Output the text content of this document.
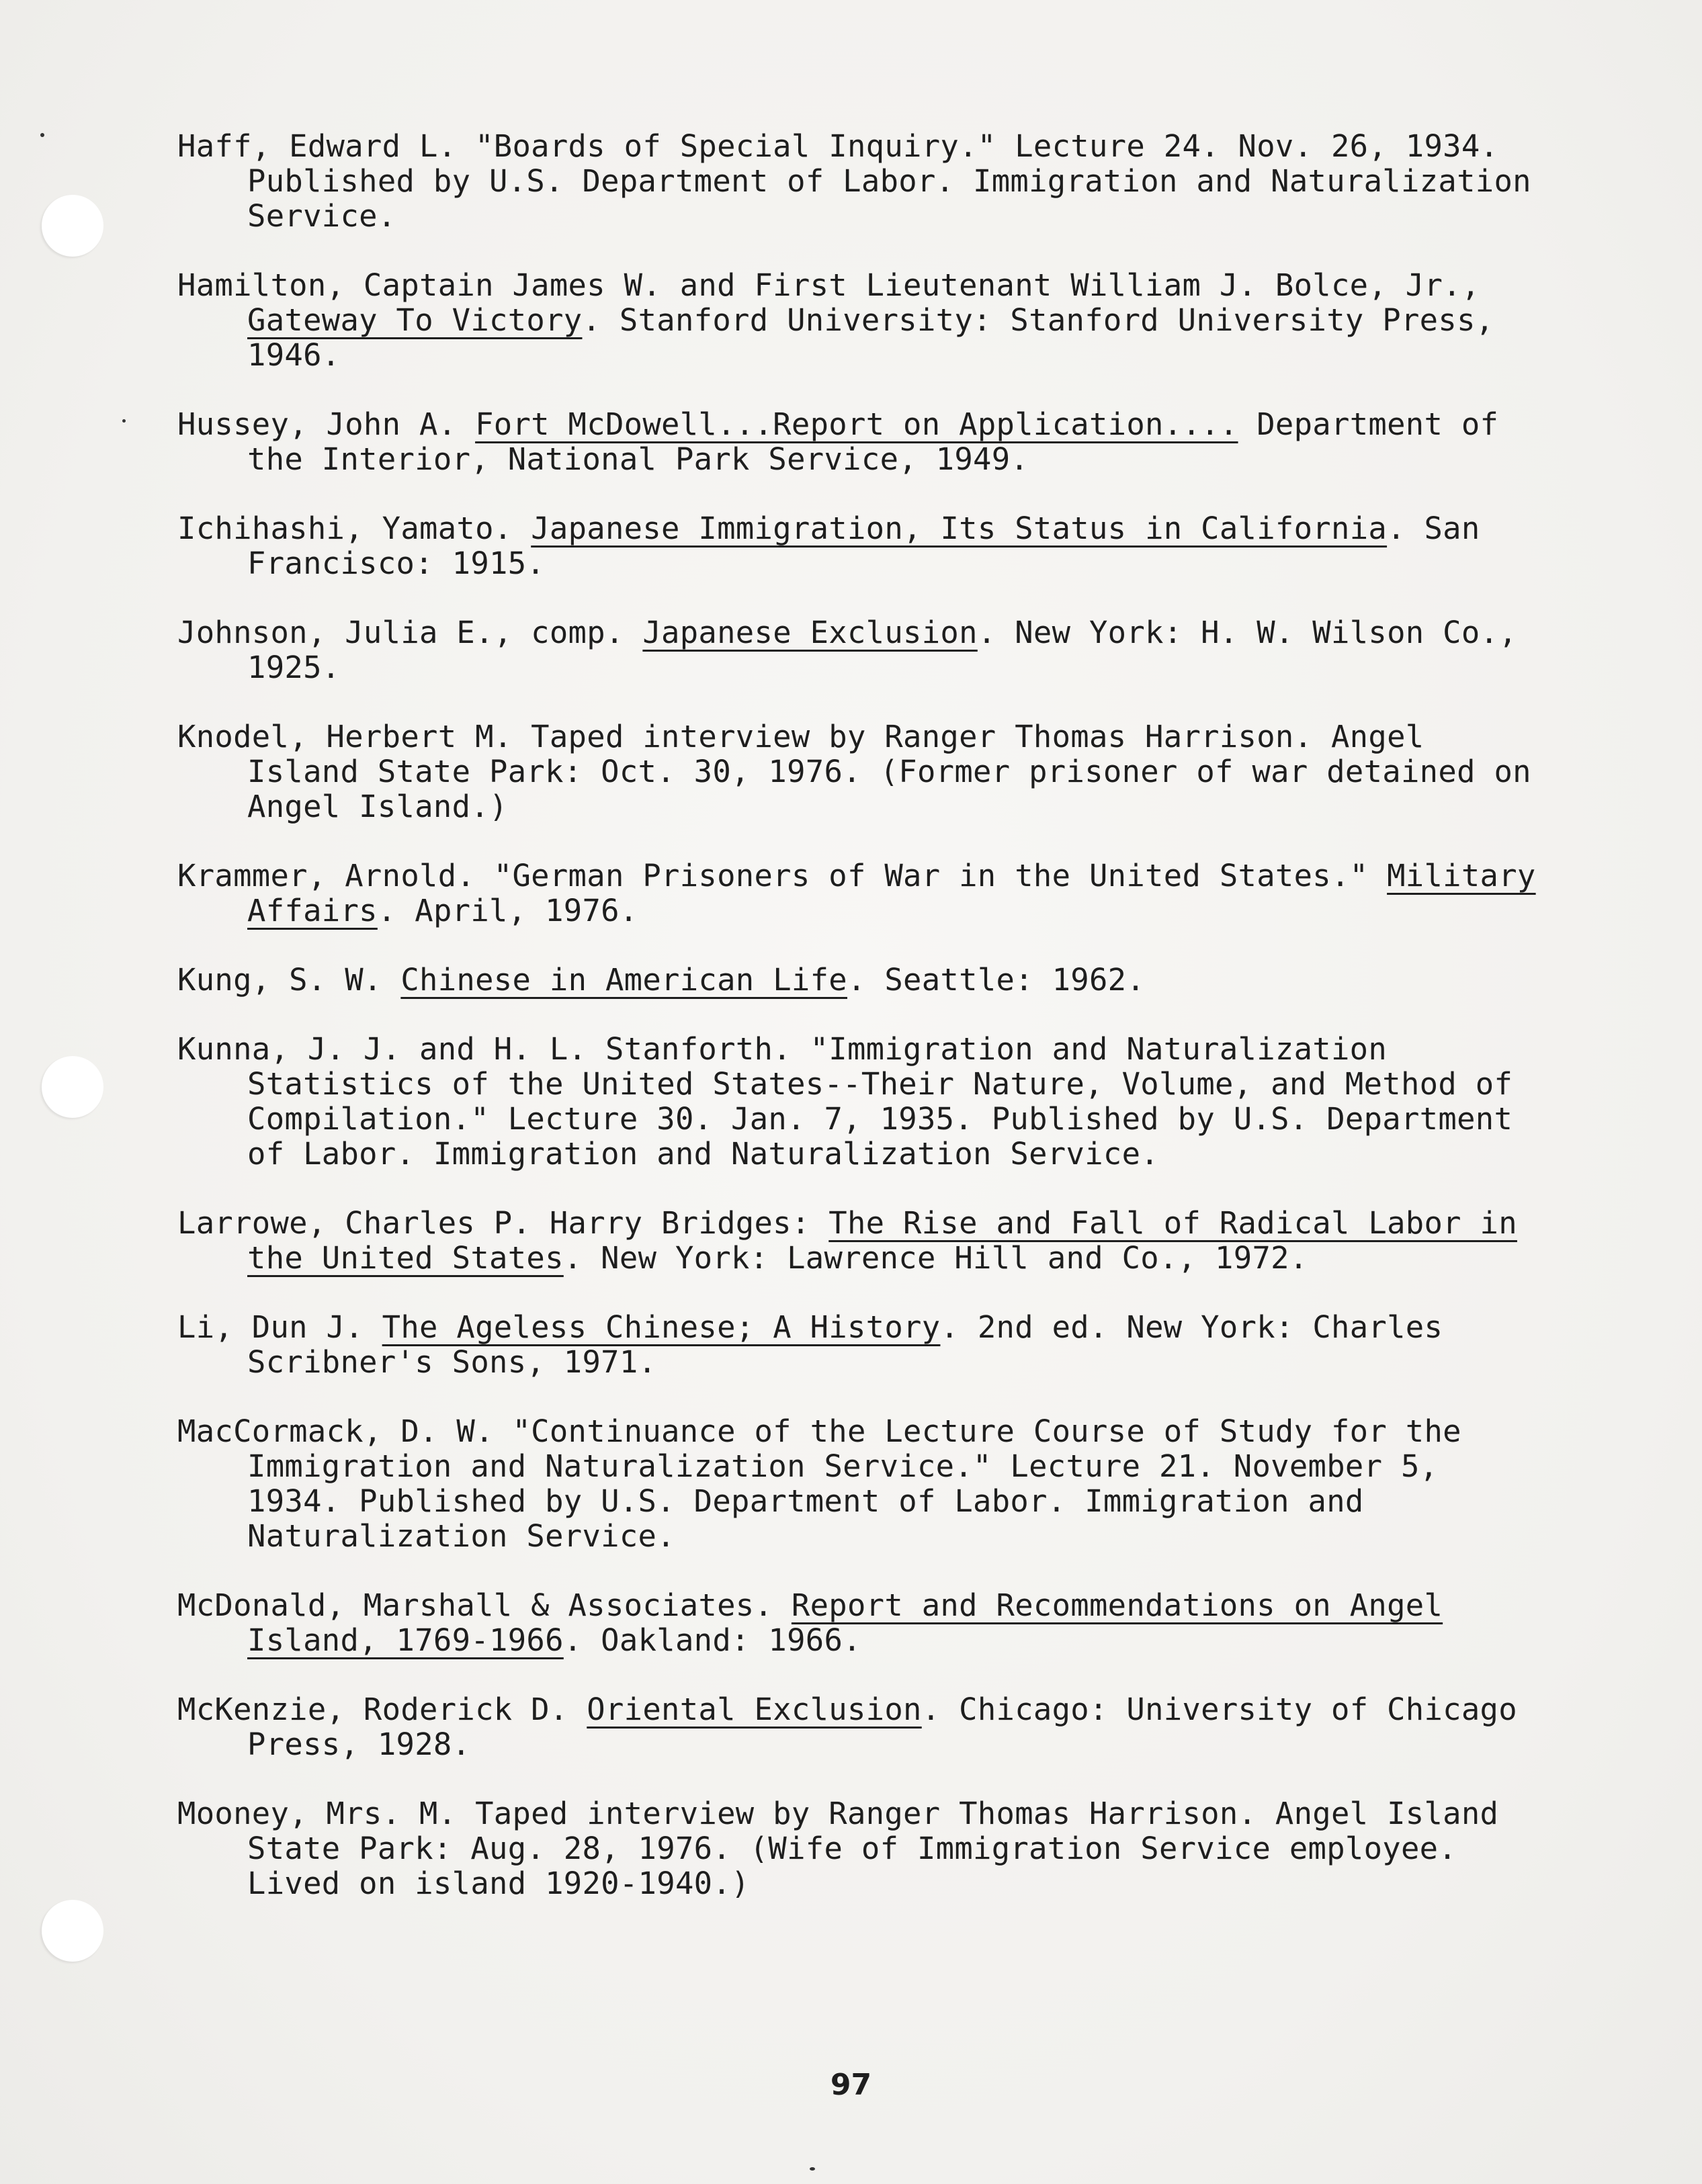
Haff, Edward L. "Boards of Special Inquiry." Lecture 24. Nov. 26, 1934. Published by U.S. Department of Labor. Immigration and Naturalization Service.
Hamilton, Captain James W. and First Lieutenant William J. Bolce, Jr., Gateway To Victory. Stanford University: Stanford University Press, 1946.
Hussey, John A. Fort McDowell...Report on Application.... Department of the Interior, National Park Service, 1949.
Ichihashi, Yamato. Japanese Immigration, Its Status in California. San Francisco: 1915.
Johnson, Julia E., comp. Japanese Exclusion. New York: H. W. Wilson Co., 1925.
Knodel, Herbert M. Taped interview by Ranger Thomas Harrison. Angel Island State Park: Oct. 30, 1976. (Former prisoner of war detained on Angel Island.)
Krammer, Arnold. "German Prisoners of War in the United States." Military Affairs. April, 1976.
Kung, S. W. Chinese in American Life. Seattle: 1962.
Kunna, J. J. and H. L. Stanforth. "Immigration and Naturalization Statistics of the United States--Their Nature, Volume, and Method of Compilation." Lecture 30. Jan. 7, 1935. Published by U.S. Department of Labor. Immigration and Naturalization Service.
Larrowe, Charles P. Harry Bridges: The Rise and Fall of Radical Labor in the United States. New York: Lawrence Hill and Co., 1972.
Li, Dun J. The Ageless Chinese; A History. 2nd ed. New York: Charles Scribner's Sons, 1971.
MacCormack, D. W. "Continuance of the Lecture Course of Study for the Immigration and Naturalization Service." Lecture 21. November 5, 1934. Published by U.S. Department of Labor. Immigration and Naturalization Service.
McDonald, Marshall & Associates. Report and Recommendations on Angel Island, 1769-1966. Oakland: 1966.
McKenzie, Roderick D. Oriental Exclusion. Chicago: University of Chicago Press, 1928.
Mooney, Mrs. M. Taped interview by Ranger Thomas Harrison. Angel Island State Park: Aug. 28, 1976. (Wife of Immigration Service employee. Lived on island 1920-1940.)
97
